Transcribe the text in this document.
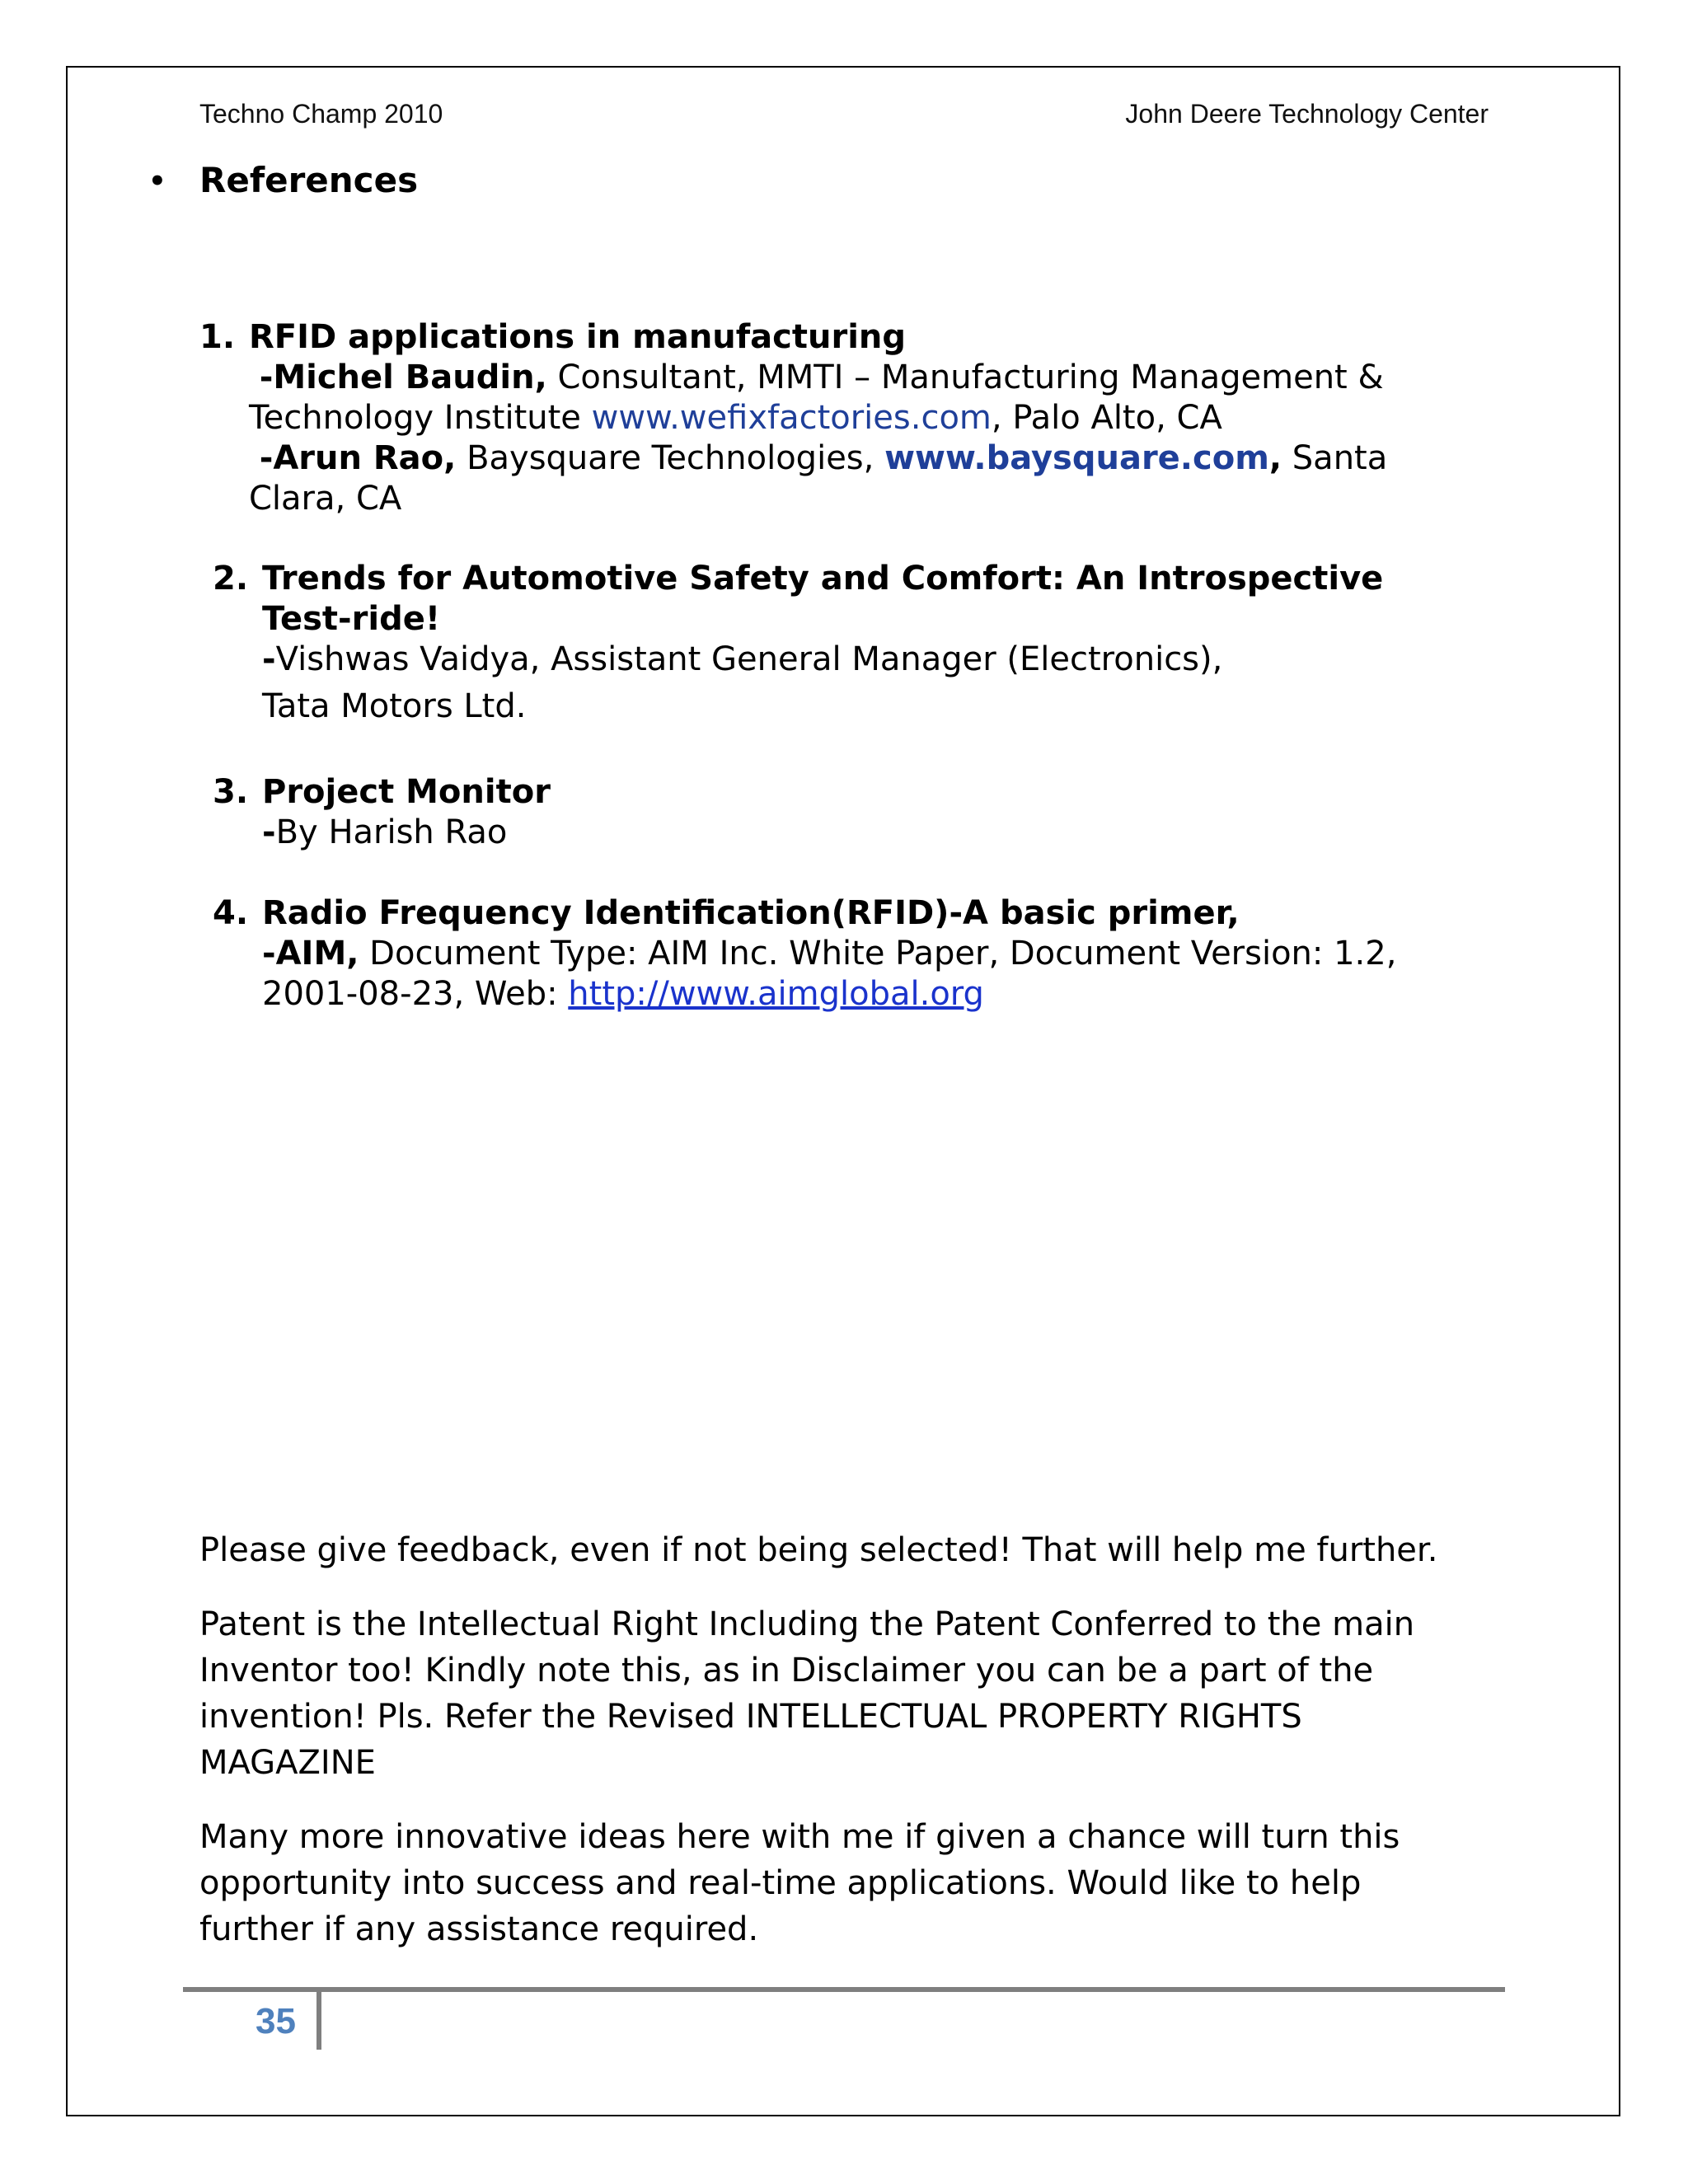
Techno Champ 2010	John Deere Technology Center
• References
1. RFID applications in manufacturing
-Michel Baudin, Consultant, MMTI – Manufacturing Management &
Technology Institute www.wefixfactories.com, Palo Alto, CA
-Arun Rao, Baysquare Technologies, www.baysquare.com, Santa
Clara, CA
2. Trends for Automotive Safety and Comfort: An Introspective
Test-ride!
-Vishwas Vaidya, Assistant General Manager (Electronics),
Tata Motors Ltd.
3. Project Monitor
-By Harish Rao
4. Radio Frequency Identification(RFID)-A basic primer,
-AIM, Document Type: AIM Inc. White Paper, Document Version: 1.2,
2001-08-23, Web: http://www.aimglobal.org
Please give feedback, even if not being selected! That will help me further.
Patent is the Intellectual Right Including the Patent Conferred to the main
Inventor too! Kindly note this, as in Disclaimer you can be a part of the
invention! Pls. Refer the Revised INTELLECTUAL PROPERTY RIGHTS
MAGAZINE
Many more innovative ideas here with me if given a chance will turn this
opportunity into success and real-time applications. Would like to help
further if any assistance required.
35
